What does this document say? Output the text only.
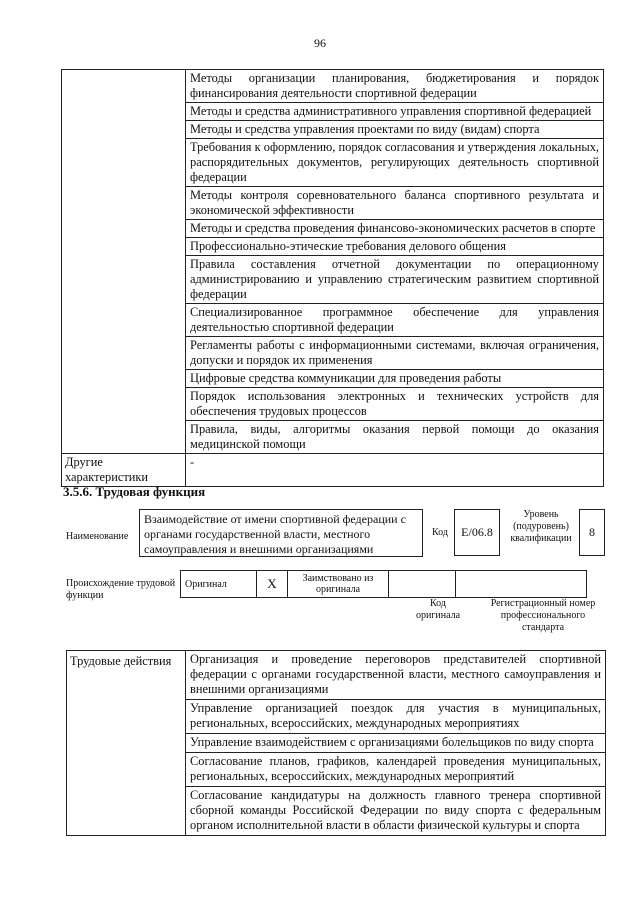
96
	Методы организации планирования, бюджетирования и порядок финансирования деятельности спортивной федерации
	Методы и средства административного управления спортивной федерацией
	Методы и средства управления проектами по виду (видам) спорта
	Требования к оформлению, порядок согласования и утверждения локальных, распорядительных документов, регулирующих деятельность спортивной федерации
	Методы контроля соревновательного баланса спортивного результата и экономической эффективности
	Методы и средства проведения финансово-экономических расчетов в спорте
	Профессионально-этические требования делового общения
	Правила составления отчетной документации по операционному администрированию и управлению стратегическим развитием спортивной федерации
	Специализированное программное обеспечение для управления деятельностью спортивной федерации
	Регламенты работы с информационными системами, включая ограничения, допуски и порядок их применения
	Цифровые средства коммуникации для проведения работы
	Порядок использования электронных и технических устройств для обеспечения трудовых процессов
	Правила, виды, алгоритмы оказания первой помощи до оказания медицинской помощи
Другие характеристики	-
3.5.6. Трудовая функция
Наименование
Взаимодействие от имени спортивной федерации с органами государственной власти, местного самоуправления и внешними организациями
Код	E/06.8
Уровень (подуровень) квалификации	8
Происхождение трудовой функции
Оригинал	X	Заимствовано из оригинала		
Код оригинала
Регистрационный номер профессионального стандарта
Трудовые действия	Организация и проведение переговоров представителей спортивной федерации с органами государственной власти, местного самоуправления и внешними организациями
Управление организацией поездок для участия в муниципальных, региональных, всероссийских, международных мероприятиях
Управление взаимодействием с организациями болельщиков по виду спорта
Согласование планов, графиков, календарей проведения муниципальных, региональных, всероссийских, международных мероприятий
Согласование кандидатуры на должность главного тренера спортивной сборной команды Российской Федерации по виду спорта с федеральным органом исполнительной власти в области физической культуры и спорта
